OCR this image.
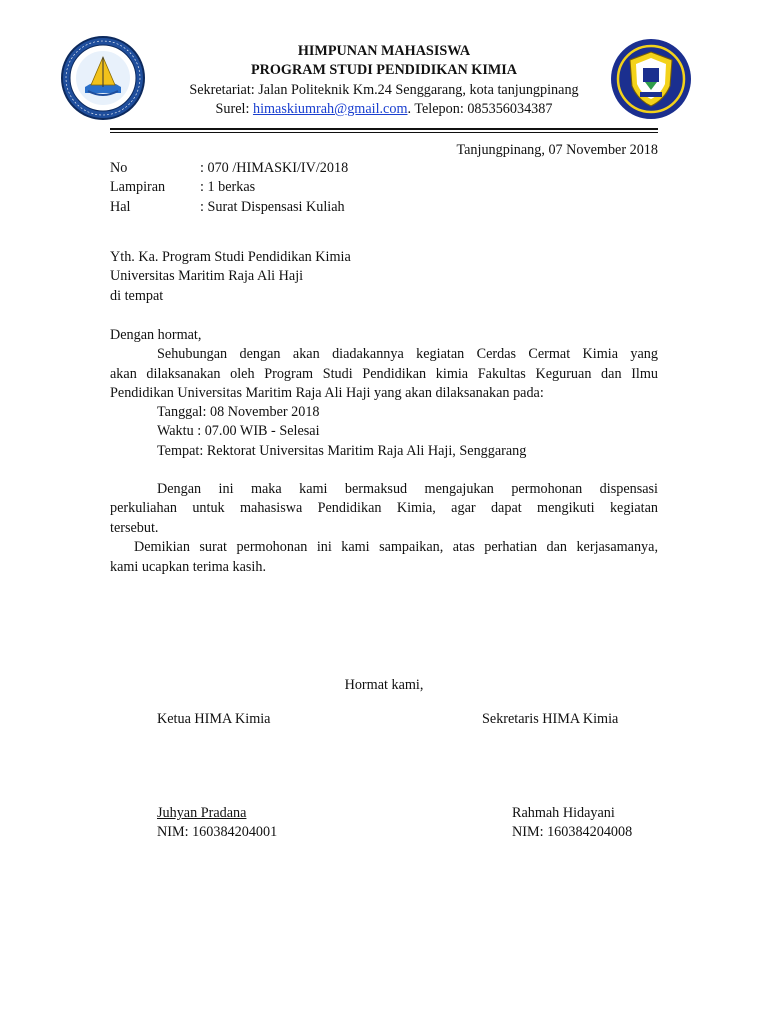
HIMPUNAN MAHASISWA
PROGRAM STUDI PENDIDIKAN KIMIA
Sekretariat: Jalan Politeknik Km.24 Senggarang, kota tanjungpinang
Surel: himaskiumrah@gmail.com. Telepon: 085356034387
Tanjungpinang, 07 November 2018
No	: 070 /HIMASKI/IV/2018
Lampiran	: 1 berkas
Hal	: Surat Dispensasi Kuliah
Yth. Ka. Program Studi Pendidikan Kimia
Universitas Maritim Raja Ali Haji
di tempat
Dengan hormat,
Sehubungan dengan akan diadakannya kegiatan Cerdas Cermat Kimia yang
akan dilaksanakan oleh Program Studi Pendidikan kimia Fakultas Keguruan dan Ilmu
Pendidikan Universitas Maritim Raja Ali Haji yang akan dilaksanakan pada:
Tanggal: 08 November 2018
Waktu : 07.00 WIB - Selesai
Tempat: Rektorat Universitas Maritim Raja Ali Haji, Senggarang
Dengan ini maka kami bermaksud mengajukan permohonan dispensasi
perkuliahan untuk mahasiswa Pendidikan Kimia, agar dapat mengikuti kegiatan
tersebut.
Demikian surat permohonan ini kami sampaikan, atas perhatian dan kerjasamanya,
kami ucapkan terima kasih.
Hormat kami,
Ketua HIMA Kimia	Sekretaris HIMA Kimia
Juhyan Pradana	Rahmah Hidayani
NIM: 160384204001	NIM: 160384204008
